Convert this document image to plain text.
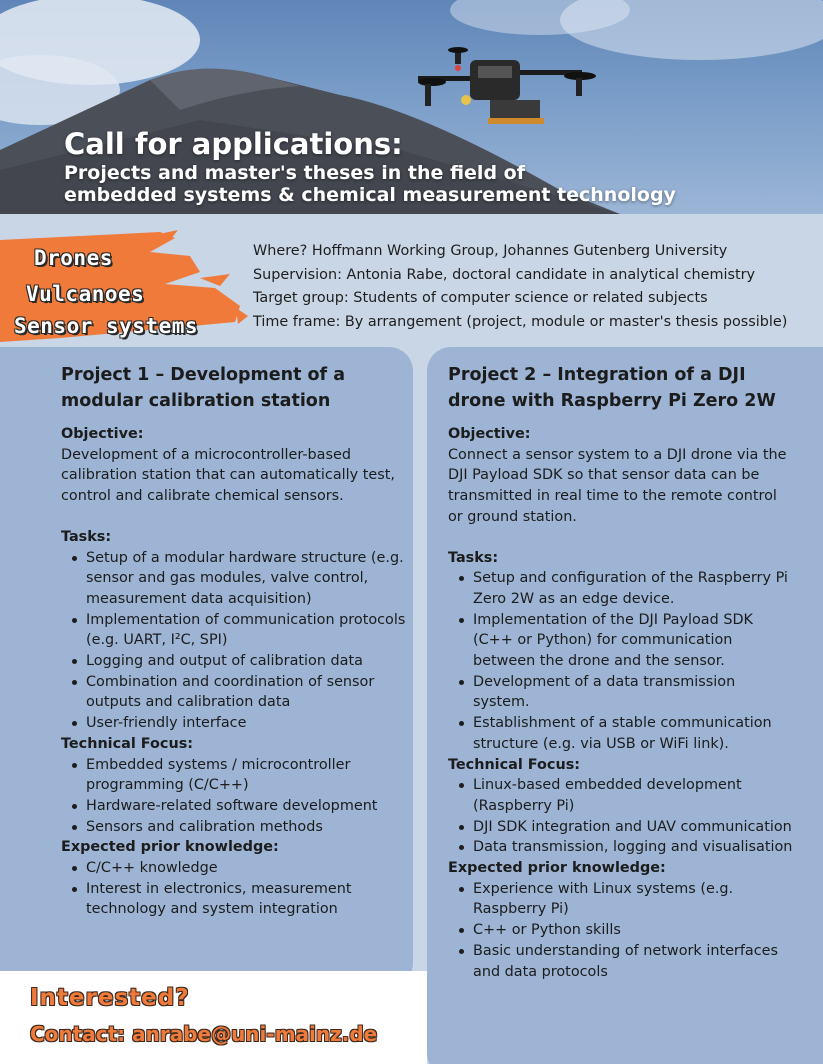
Call for applications:
Projects and master's theses in the field of
embedded systems & chemical measurement technology
Drones
Vulcanoes
Sensor systems
Where? Hoffmann Working Group, Johannes Gutenberg University
Supervision: Antonia Rabe, doctoral candidate in analytical chemistry
Target group: Students of computer science or related subjects
Time frame: By arrangement (project, module or master's thesis possible)
Project 1 – Development of a modular calibration station
Objective:
Development of a microcontroller-based calibration station that can automatically test, control and calibrate chemical sensors.
Tasks:
Setup of a modular hardware structure (e.g. sensor and gas modules, valve control, measurement data acquisition)
Implementation of communication protocols (e.g. UART, I²C, SPI)
Logging and output of calibration data
Combination and coordination of sensor outputs and calibration data
User-friendly interface
Technical Focus:
Embedded systems / microcontroller programming (C/C++)
Hardware-related software development
Sensors and calibration methods
Expected prior knowledge:
C/C++ knowledge
Interest in electronics, measurement technology and system integration
Project 2 – Integration of a DJI drone with Raspberry Pi Zero 2W
Objective:
Connect a sensor system to a DJI drone via the DJI Payload SDK so that sensor data can be transmitted in real time to the remote control or ground station.
Tasks:
Setup and configuration of the Raspberry Pi Zero 2W as an edge device.
Implementation of the DJI Payload SDK (C++ or Python) for communication between the drone and the sensor.
Development of a data transmission system.
Establishment of a stable communication structure (e.g. via USB or WiFi link).
Technical Focus:
Linux-based embedded development (Raspberry Pi)
DJI SDK integration and UAV communication
Data transmission, logging and visualisation
Expected prior knowledge:
Experience with Linux systems (e.g. Raspberry Pi)
C++ or Python skills
Basic understanding of network interfaces and data protocols
Interested?
Contact: anrabe@uni-mainz.de
